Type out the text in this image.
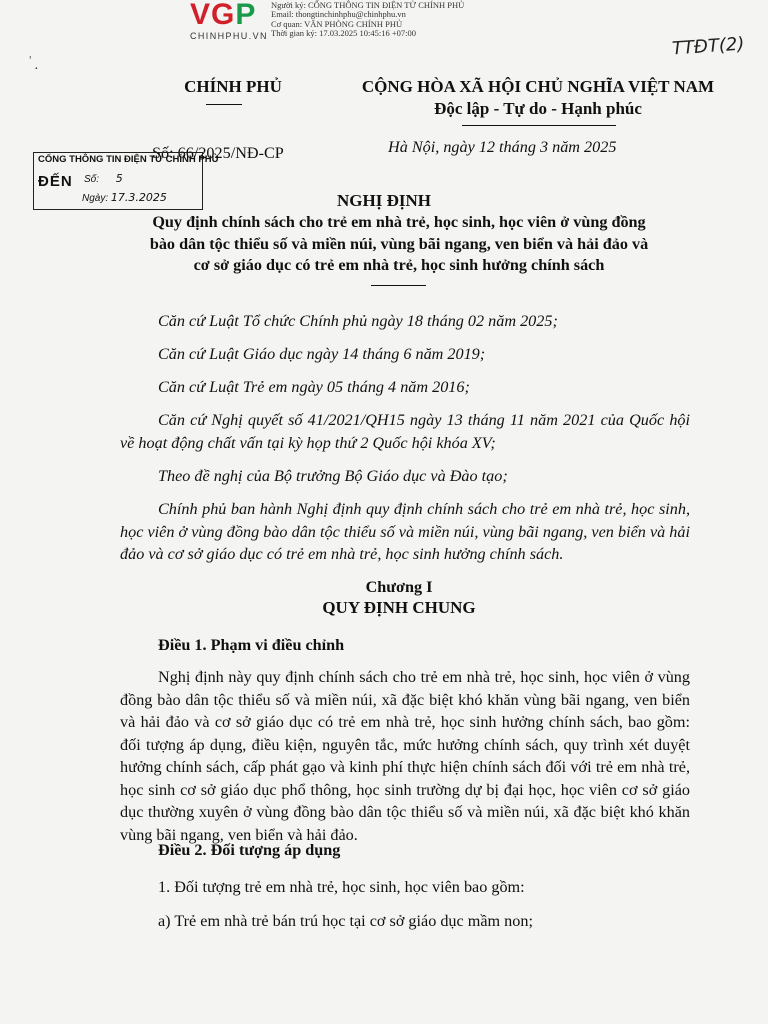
VGP
CHINHPHU.VN
Người ký: CỔNG THÔNG TIN ĐIỆN TỬ CHÍNH PHỦ
Email: thongtinchinhphu@chinhphu.vn
Cơ quan: VĂN PHÒNG CHÍNH PHỦ
Thời gian ký: 17.03.2025 10:45:16 +07:00
TTĐT(2)
˒
·
CHÍNH PHỦ	CỘNG HÒA XÃ HỘI CHỦ NGHĨA VIỆT NAM
Độc lập - Tự do - Hạnh phúc
Số: 66/2025/NĐ-CP	Hà Nội, ngày 12 tháng 3 năm 2025
CỔNG THÔNG TIN ĐIỆN TỬ CHÍNH PHỦ
ĐẾN Số: 5
Ngày: 17.3.2025	NGHỊ ĐỊNH
Quy định chính sách cho trẻ em nhà trẻ, học sinh, học viên ở vùng đồng
bào dân tộc thiểu số và miền núi, vùng bãi ngang, ven biển và hải đảo và
cơ sở giáo dục có trẻ em nhà trẻ, học sinh hưởng chính sách
Căn cứ Luật Tổ chức Chính phủ ngày 18 tháng 02 năm 2025;
Căn cứ Luật Giáo dục ngày 14 tháng 6 năm 2019;
Căn cứ Luật Trẻ em ngày 05 tháng 4 năm 2016;
Căn cứ Nghị quyết số 41/2021/QH15 ngày 13 tháng 11 năm 2021 của Quốc hội về hoạt động chất vấn tại kỳ họp thứ 2 Quốc hội khóa XV;
Theo đề nghị của Bộ trưởng Bộ Giáo dục và Đào tạo;
Chính phủ ban hành Nghị định quy định chính sách cho trẻ em nhà trẻ, học sinh, học viên ở vùng đồng bào dân tộc thiểu số và miền núi, vùng bãi ngang, ven biển và hải đảo và cơ sở giáo dục có trẻ em nhà trẻ, học sinh hưởng chính sách.
Chương I
QUY ĐỊNH CHUNG
Điều 1. Phạm vi điều chỉnh
Nghị định này quy định chính sách cho trẻ em nhà trẻ, học sinh, học viên ở vùng đồng bào dân tộc thiểu số và miền núi, xã đặc biệt khó khăn vùng bãi ngang, ven biển và hải đảo và cơ sở giáo dục có trẻ em nhà trẻ, học sinh hưởng chính sách, bao gồm: đối tượng áp dụng, điều kiện, nguyên tắc, mức hưởng chính sách, quy trình xét duyệt hưởng chính sách, cấp phát gạo và kinh phí thực hiện chính sách đối với trẻ em nhà trẻ, học sinh cơ sở giáo dục phổ thông, học sinh trường dự bị đại học, học viên cơ sở giáo dục thường xuyên ở vùng đồng bào dân tộc thiểu số và miền núi, xã đặc biệt khó khăn vùng bãi ngang, ven biển và hải đảo.
Điều 2. Đối tượng áp dụng
1. Đối tượng trẻ em nhà trẻ, học sinh, học viên bao gồm:
a) Trẻ em nhà trẻ bán trú học tại cơ sở giáo dục mầm non;
